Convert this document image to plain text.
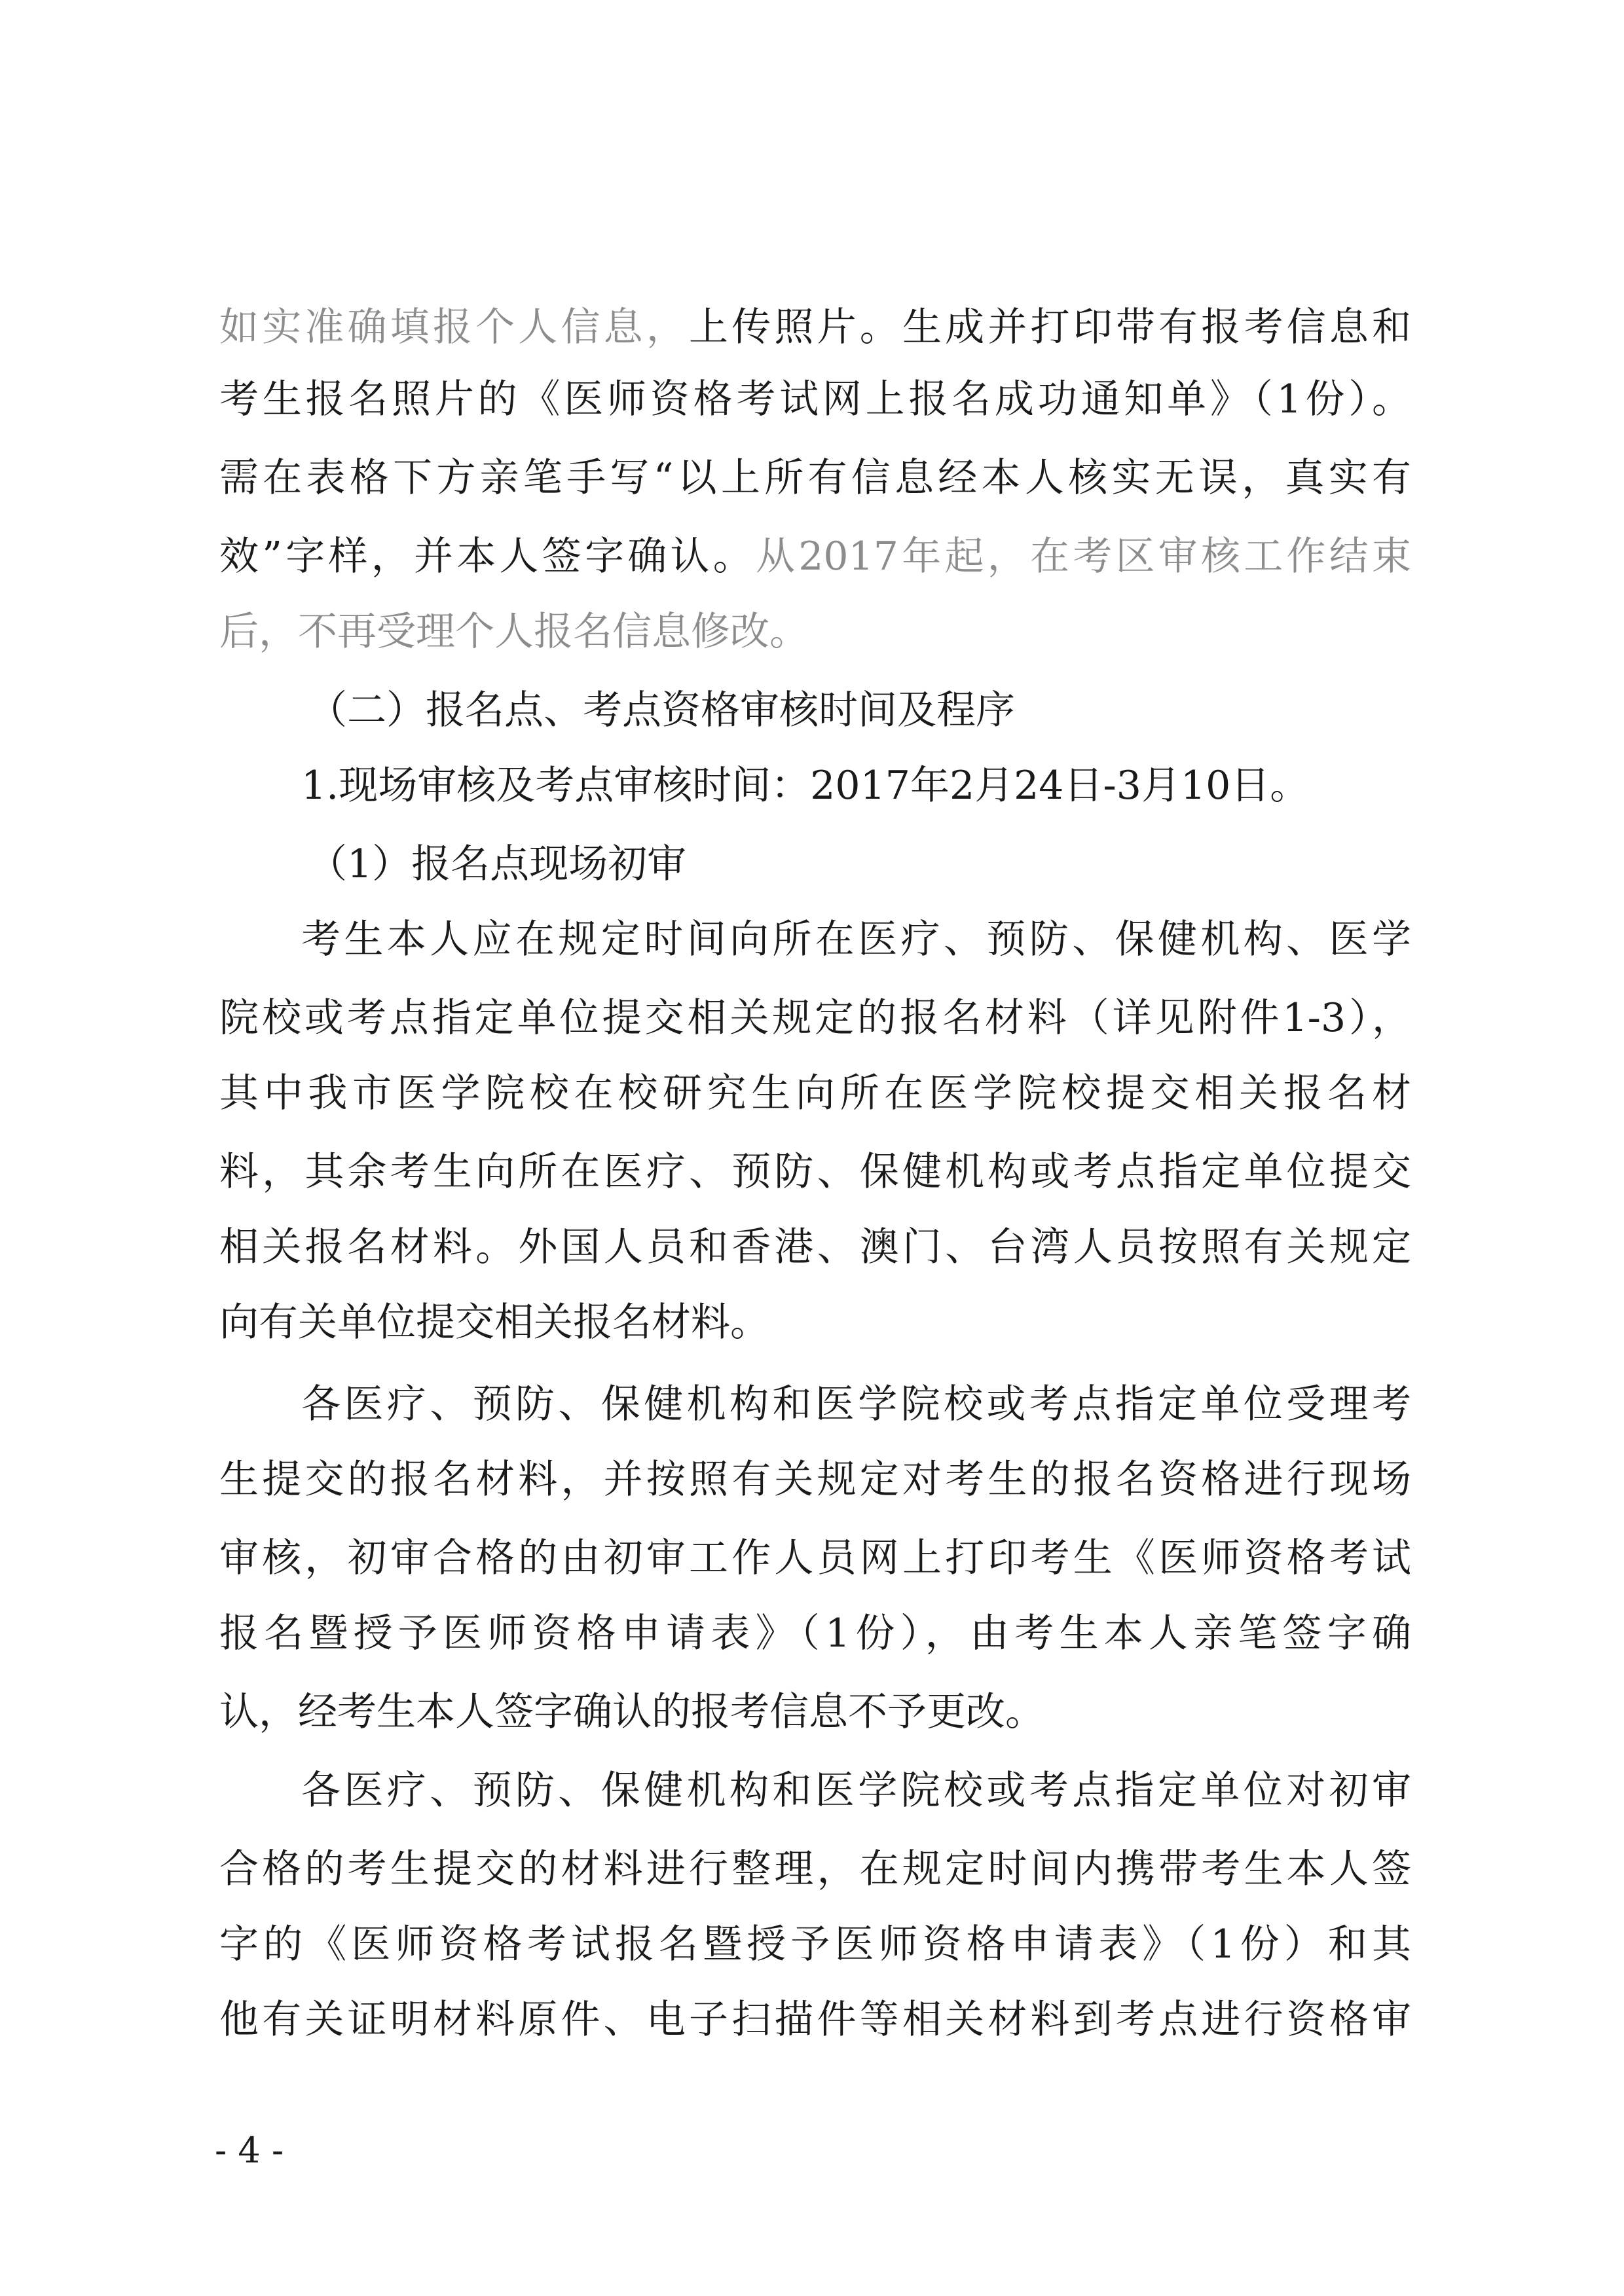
如实准确填报个人信息，上传照片。生成并打印带有报考信息和
考生报名照片的《医师资格考试网上报名成功通知单》（1份）。
需在表格下方亲笔手写“以上所有信息经本人核实无误，真实有
效”字样，并本人签字确认。从2017年起，在考区审核工作结束
后，不再受理个人报名信息修改。
（二）报名点、考点资格审核时间及程序
1.现场审核及考点审核时间：2017年2月24日-3月10日。
（1）报名点现场初审
考生本人应在规定时间向所在医疗、预防、保健机构、医学
院校或考点指定单位提交相关规定的报名材料（详见附件1-3），
其中我市医学院校在校研究生向所在医学院校提交相关报名材
料，其余考生向所在医疗、预防、保健机构或考点指定单位提交
相关报名材料。外国人员和香港、澳门、台湾人员按照有关规定
向有关单位提交相关报名材料。
各医疗、预防、保健机构和医学院校或考点指定单位受理考
生提交的报名材料，并按照有关规定对考生的报名资格进行现场
审核，初审合格的由初审工作人员网上打印考生《医师资格考试
报名暨授予医师资格申请表》（1份），由考生本人亲笔签字确
认，经考生本人签字确认的报考信息不予更改。
各医疗、预防、保健机构和医学院校或考点指定单位对初审
合格的考生提交的材料进行整理，在规定时间内携带考生本人签
字的《医师资格考试报名暨授予医师资格申请表》（1份）和其
他有关证明材料原件、电子扫描件等相关材料到考点进行资格审
- 4 -
